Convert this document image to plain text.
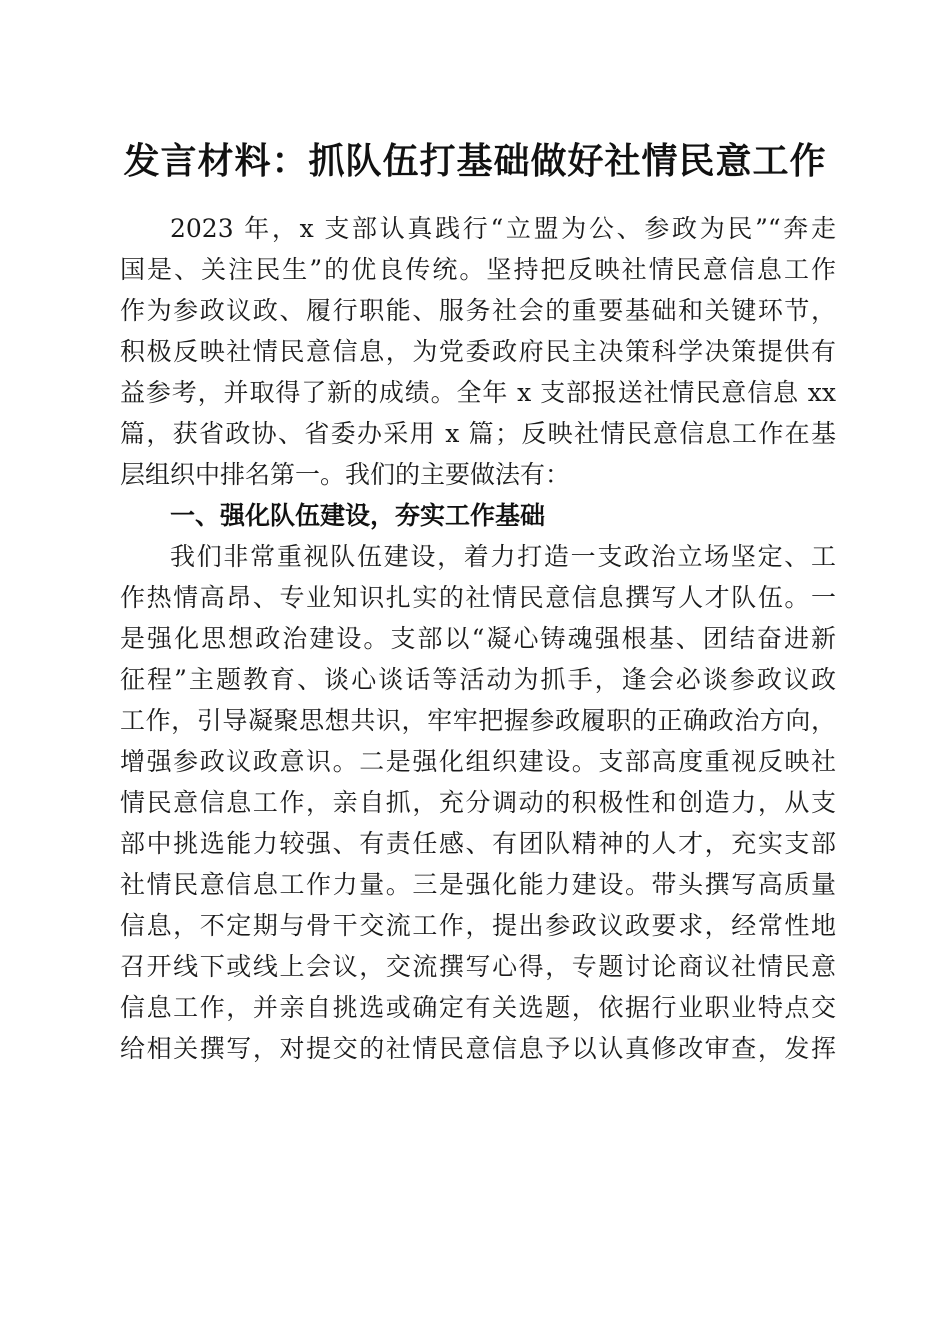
发言材料：抓队伍打基础做好社情民意工作
2023 年，x 支部认真践行“立盟为公、参政为民”“奔走
国是、关注民生”的优良传统。坚持把反映社情民意信息工作
作为参政议政、履行职能、服务社会的重要基础和关键环节，
积极反映社情民意信息，为党委政府民主决策科学决策提供有
益参考，并取得了新的成绩。全年 x 支部报送社情民意信息 xx
篇，获省政协、省委办采用 x 篇；反映社情民意信息工作在基
层组织中排名第一。我们的主要做法有：
一、强化队伍建设，夯实工作基础
我们非常重视队伍建设，着力打造一支政治立场坚定、工
作热情高昂、专业知识扎实的社情民意信息撰写人才队伍。一
是强化思想政治建设。支部以“凝心铸魂强根基、团结奋进新
征程”主题教育、谈心谈话等活动为抓手，逢会必谈参政议政
工作，引导凝聚思想共识，牢牢把握参政履职的正确政治方向，
增强参政议政意识。二是强化组织建设。支部高度重视反映社
情民意信息工作，亲自抓，充分调动的积极性和创造力，从支
部中挑选能力较强、有责任感、有团队精神的人才，充实支部
社情民意信息工作力量。三是强化能力建设。带头撰写高质量
信息，不定期与骨干交流工作，提出参政议政要求，经常性地
召开线下或线上会议，交流撰写心得，专题讨论商议社情民意
信息工作，并亲自挑选或确定有关选题，依据行业职业特点交
给相关撰写，对提交的社情民意信息予以认真修改审查，发挥
